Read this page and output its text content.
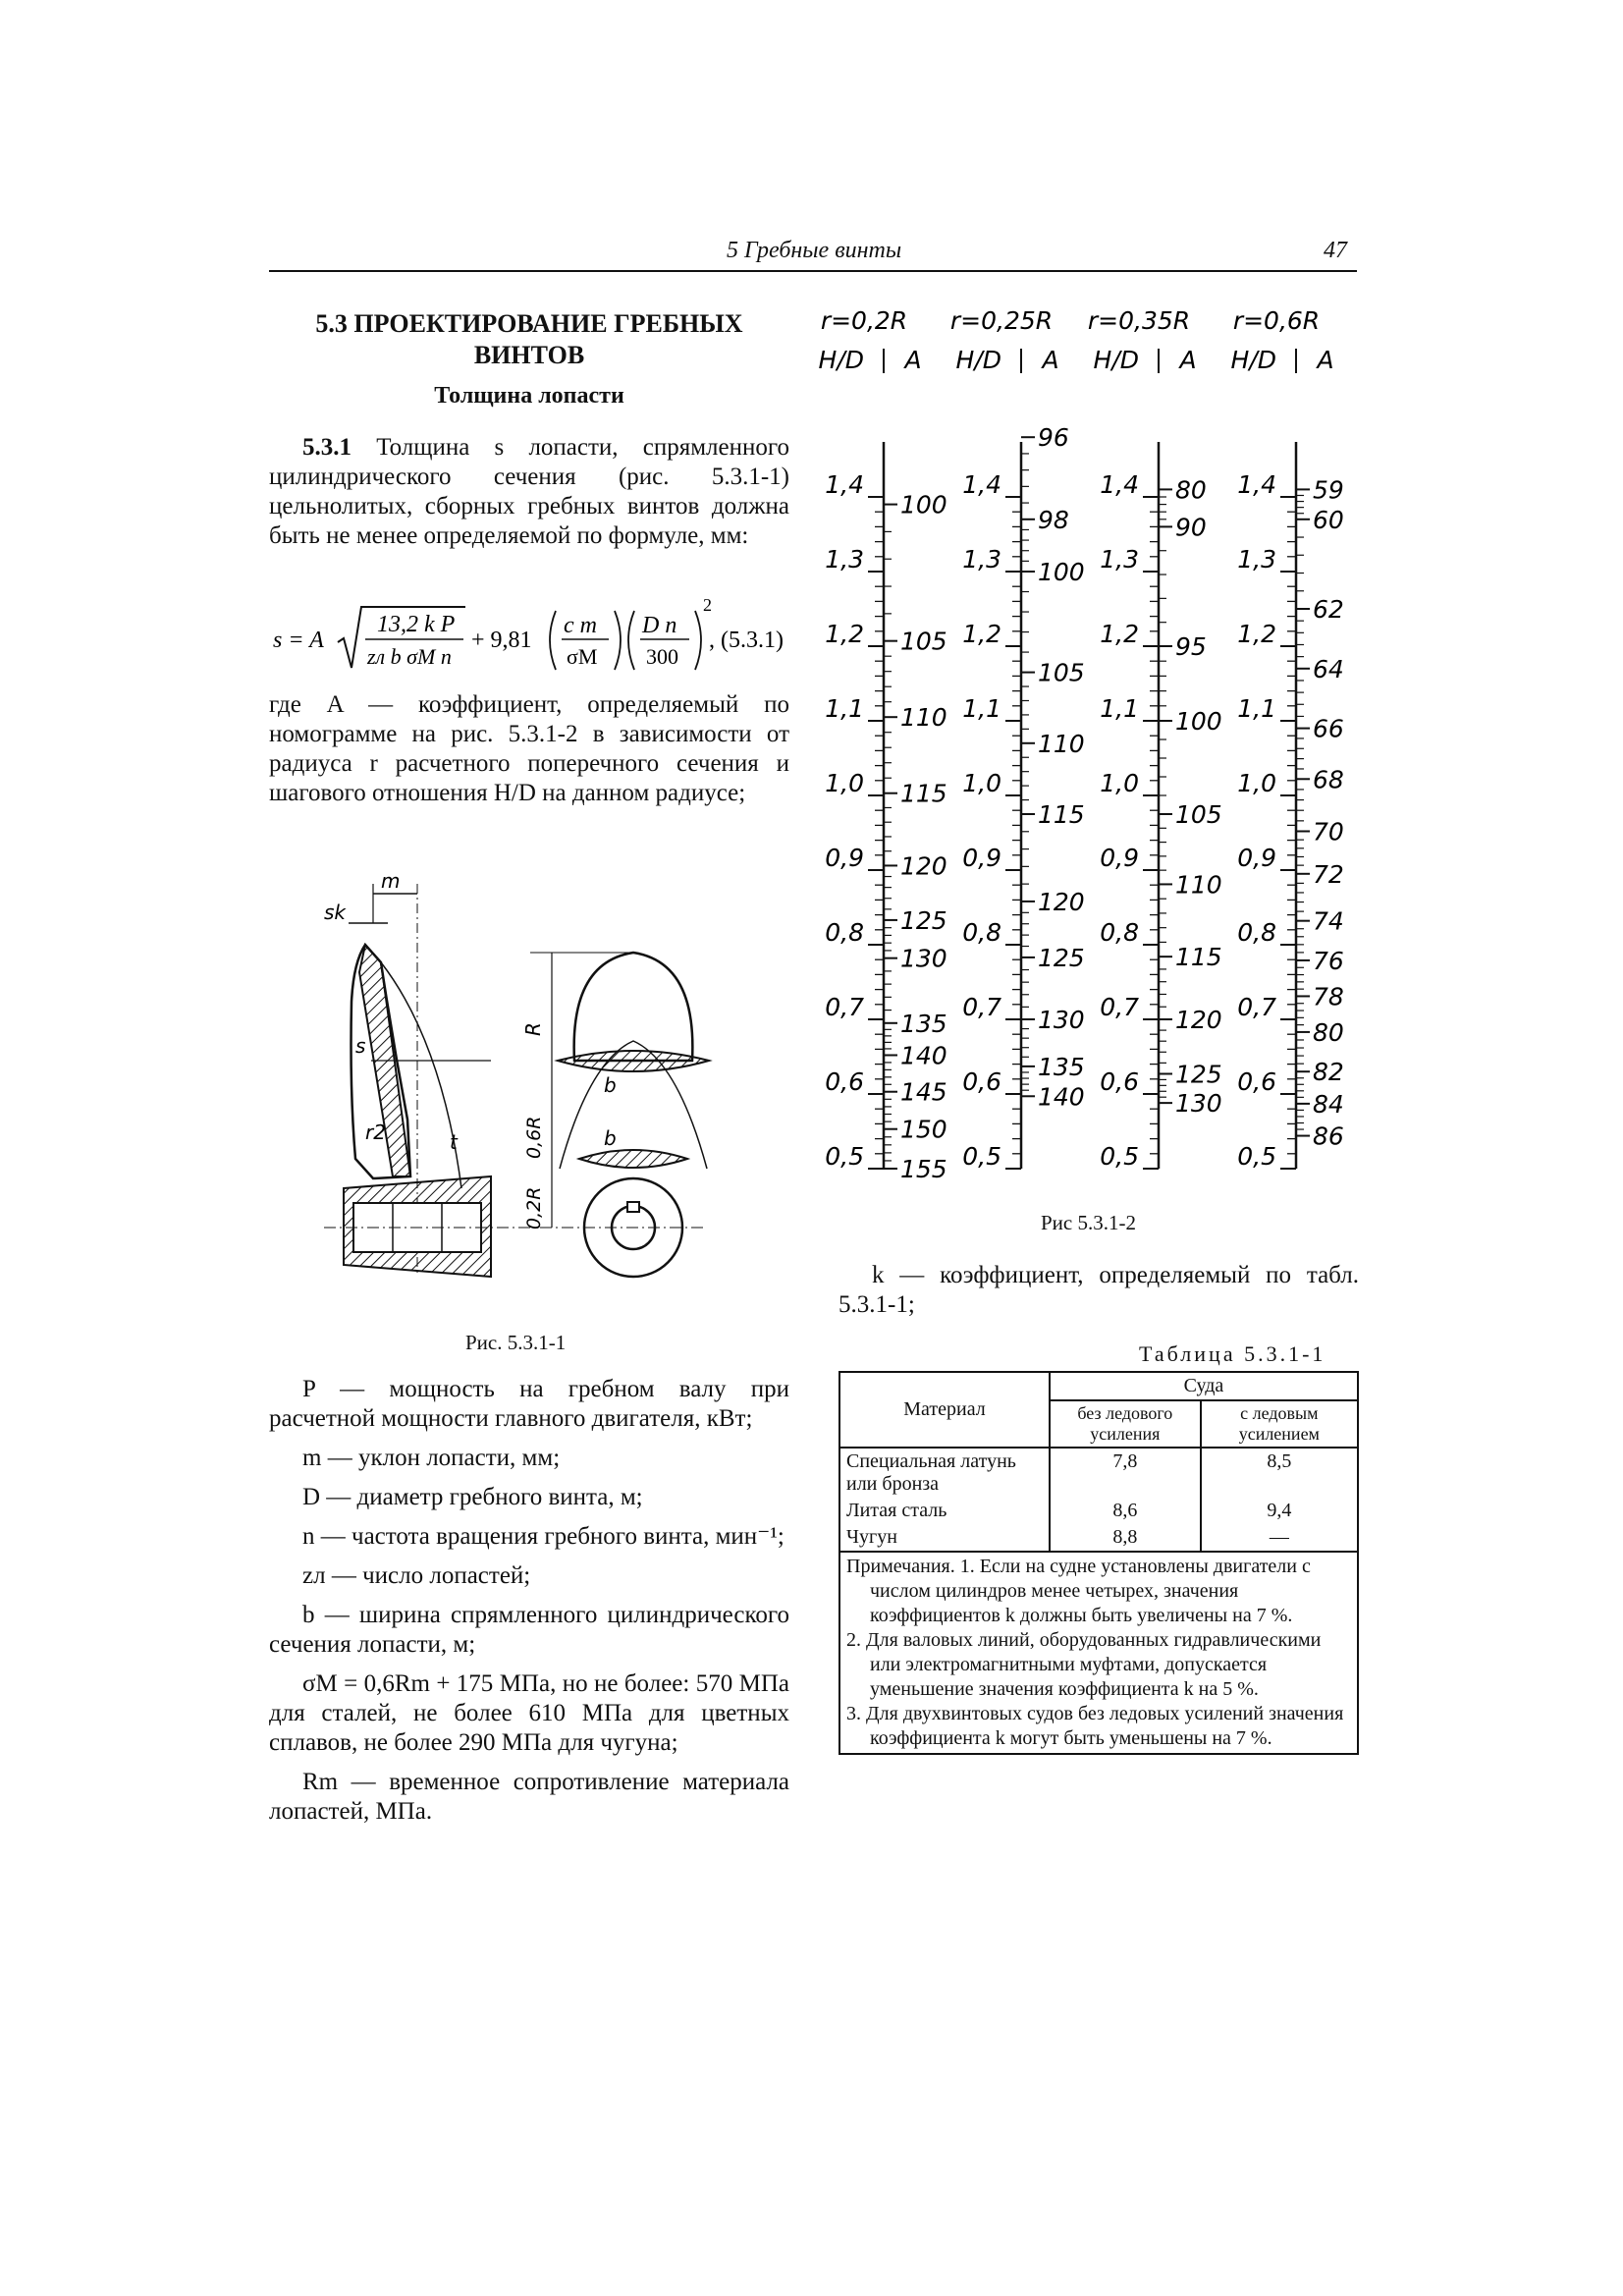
5 Гребные винты	47
5.3 ПРОЕКТИРОВАНИЕ ГРЕБНЫХ
ВИНТОВ
Толщина лопасти
5.3.1 Толщина s лопасти, спрямленного цилиндрического сечения (рис. 5.3.1-1) цельнолитых, сборных гребных винтов должна быть не менее определяемой по формуле, мм:
s = A
13,2 k P
zл b σM n
+ 9,81
c m
σM
D n
300
2
, (5.3.1)
где A — коэффициент, определяемый по номограмме на рис. 5.3.1-2 в зависимости от радиуса r расчетного поперечного сечения и шагового отношения H/D на данном радиусе;
m
sk
s
r2	t
R
0,6R
0,2R
b
b
Рис. 5.3.1-1

P — мощность на гребном валу при расчетной мощности главного двигателя, кВт;

m — уклон лопасти, мм;

D — диаметр гребного винта, м;

n — частота вращения гребного винта, мин⁻¹;

zл — число лопастей;

b — ширина спрямленного цилиндрического сечения лопасти, м;

σM = 0,6Rm + 175 МПа, но не более: 570 МПа для сталей, не более 610 МПа для цветных сплавов, не более 290 МПа для чугуна;

Rm — временное сопротивление материала лопастей, МПа.

r=0,2R
H/D A
1,4
1,3
1,2
1,1
1,0
0,9
0,8
0,7
0,6
0,5
100
105
110
115
120
125
130
135
140
145
150
155
r=0,25R
H/D A
1,4
1,3
1,2
1,1
1,0
0,9
0,8
0,7
0,6
0,5
96
98
100
105
110
115
120
125
130
135
140
r=0,35R
H/D A
1,4
1,3
1,2
1,1
1,0
0,9
0,8
0,7
0,6
0,5
80
90
95
100
105
110
115
120
125
130
r=0,6R
H/D A
1,4
1,3
1,2
1,1
1,0
0,9
0,8
0,7
0,6
0,5
59
60
62
64
66
68
70
72
74
76
78
80
82
84
86
Рис 5.3.1-2
k — коэффициент, определяемый по табл. 5.3.1-1;
Таблица 5.3.1-1
Материал	Суда	
	без ледового усиления	с ледовым усилением
Специальная латунь или бронза	7,8	8,5
Литая сталь	8,6	9,4
Чугун	8,8	—

Примечания. 1. Если на судне установлены двигатели с числом цилиндров менее четырех, значения коэффициентов k должны быть увеличены на 7 %.
2. Для валовых линий, оборудованных гидравлическими или электромагнитными муфтами, допускается уменьшение значения коэффициента k на 5 %.
3. Для двухвинтовых судов без ледовых усилений значения коэффициента k могут быть уменьшены на 7 %.		
